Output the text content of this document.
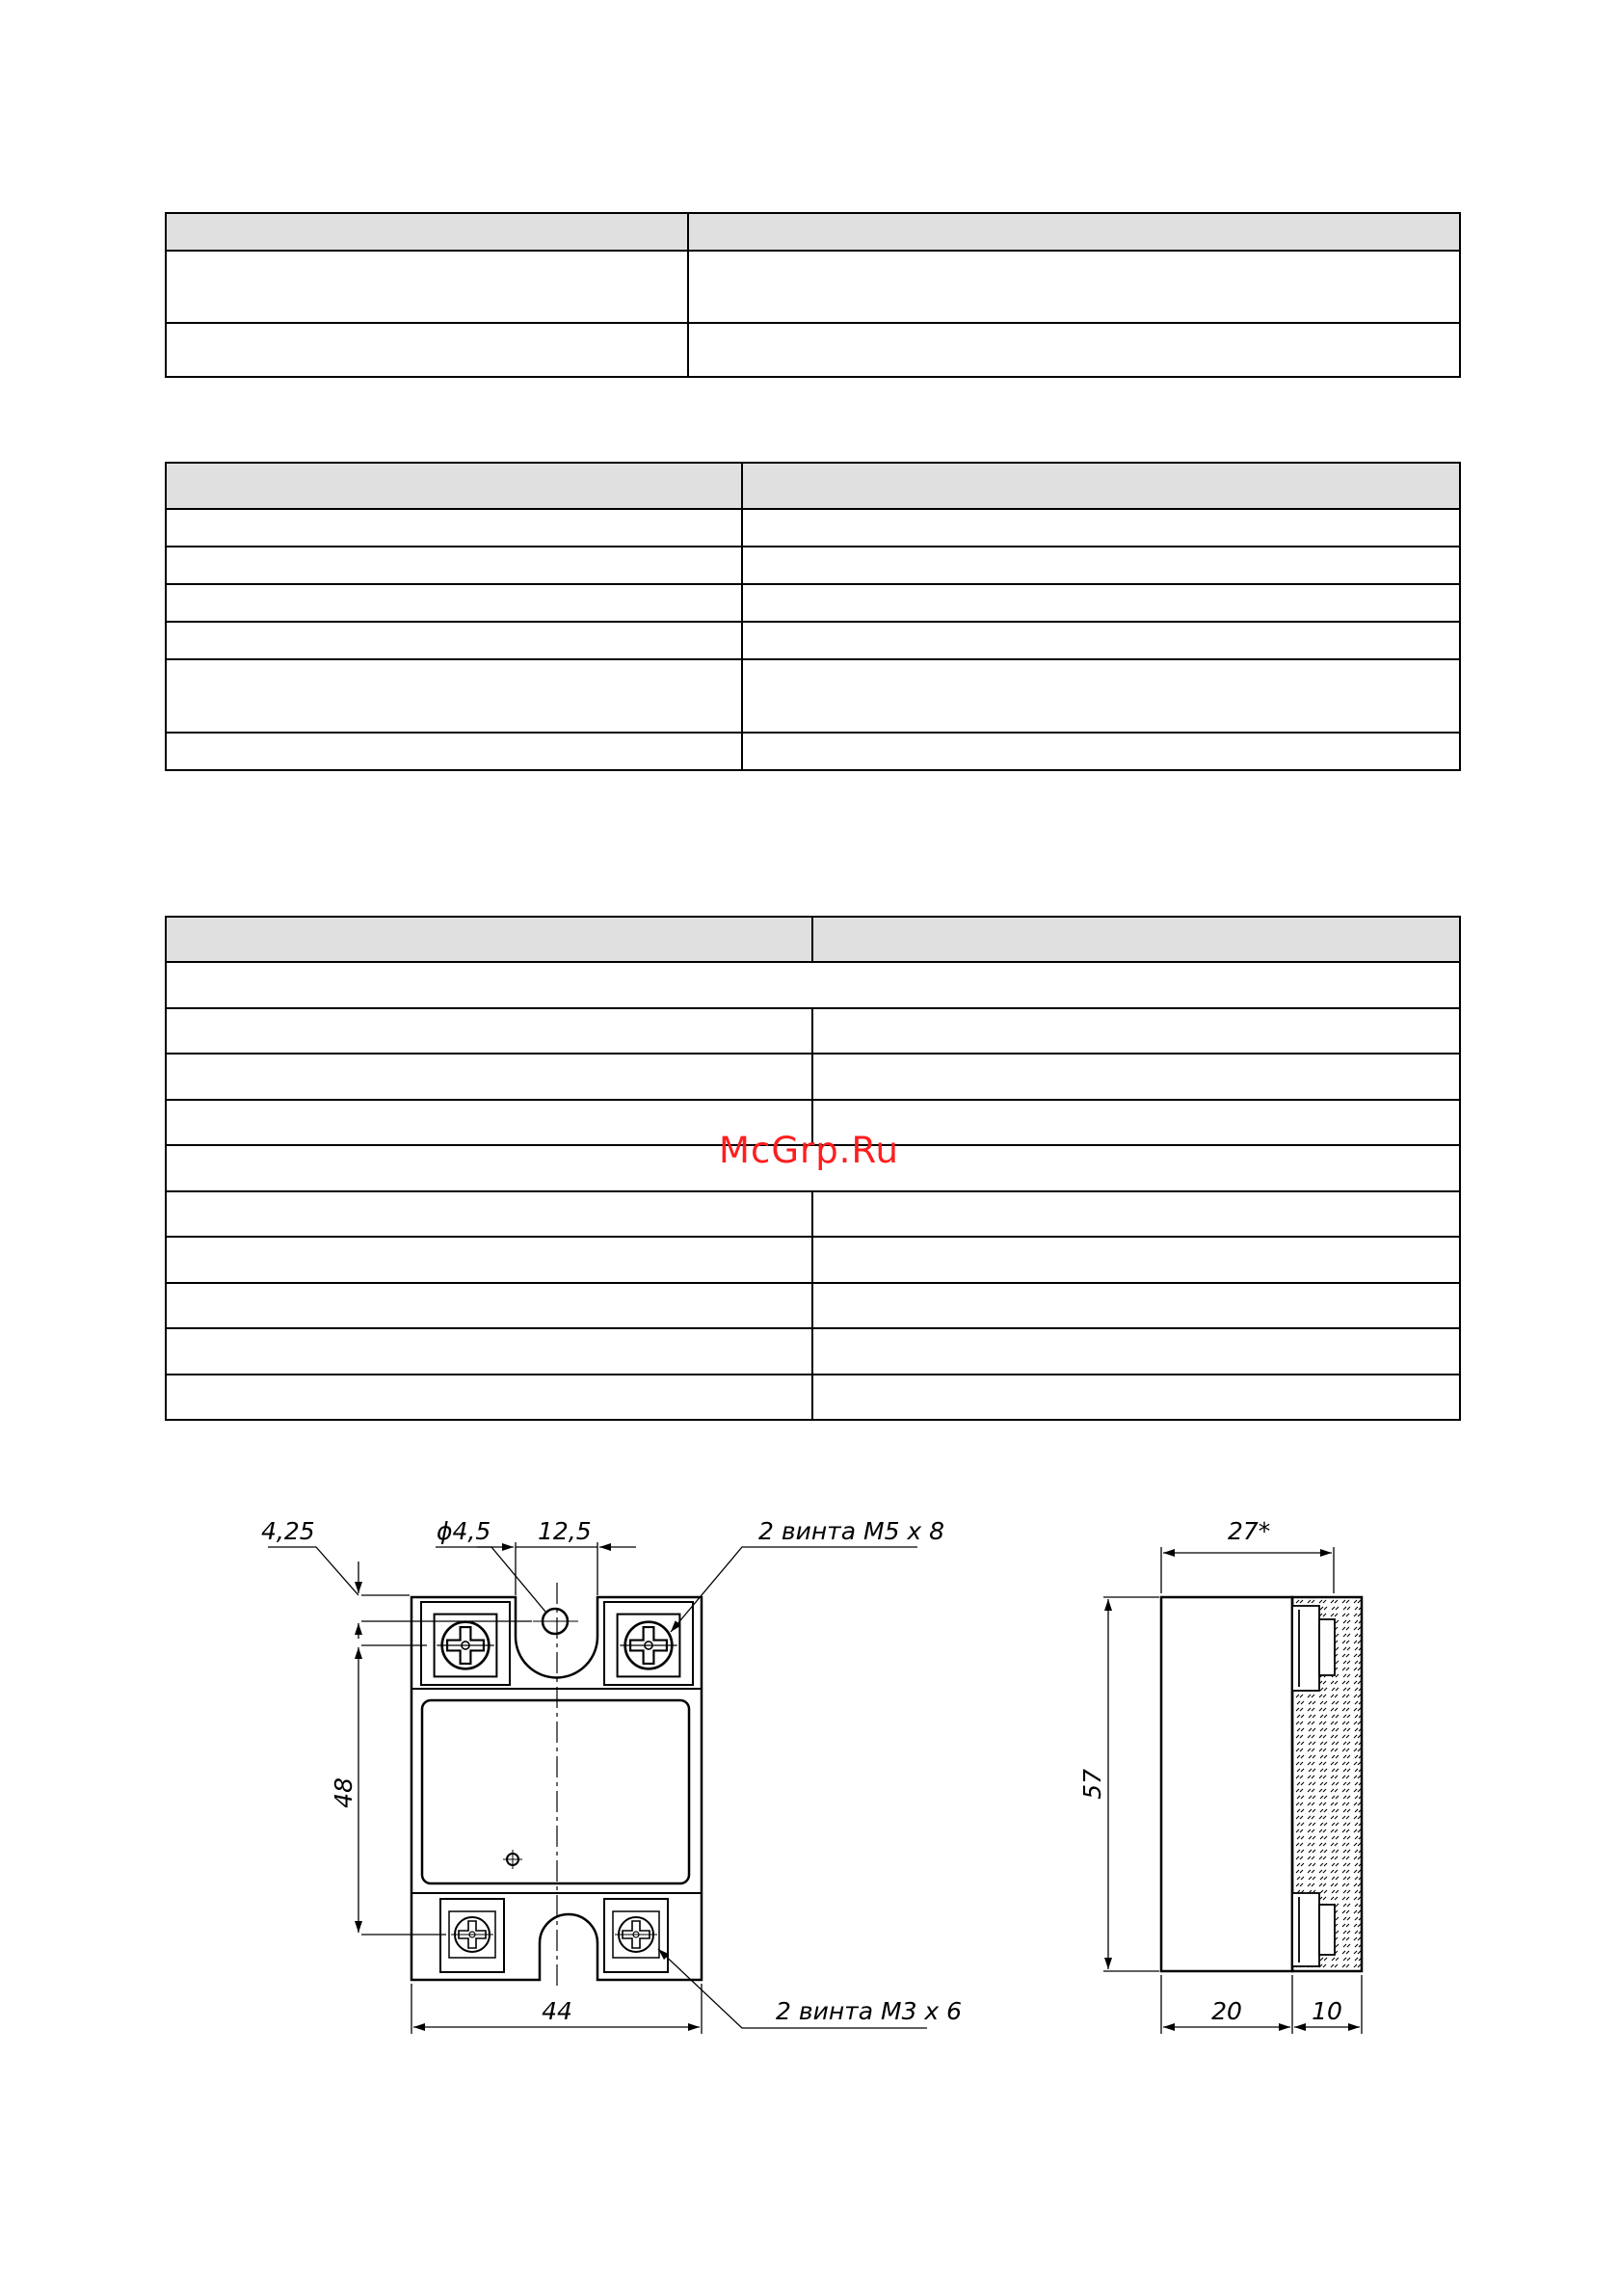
McGrp.Ru
4,25	ϕ4,5 12,5
48
44
2 винта М5 х 8
2 винта М3 х 6
27*
57
20	10
